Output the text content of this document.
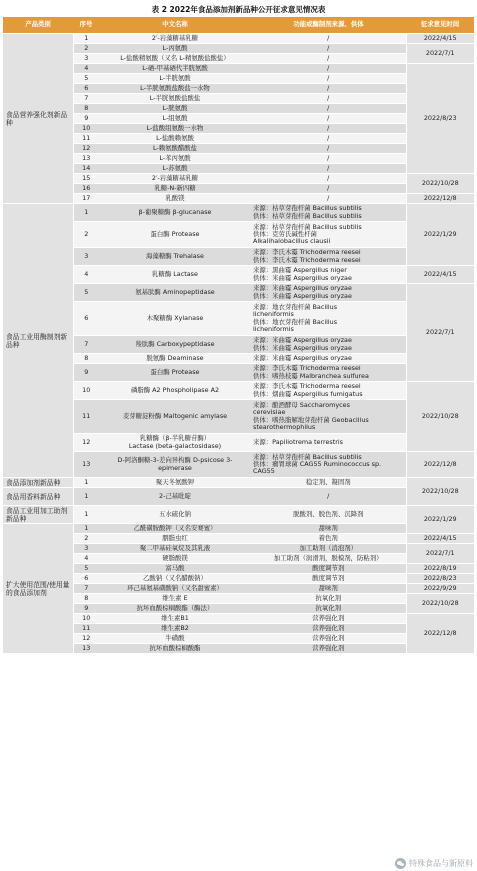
表 2 2022年食品添加剂新品种公开征求意见情况表
产品类别	序号	中文名称	功能或酶制剂来源、供体	征求意见时间
食品营养强化剂新品种	1	2′-岩藻糖基乳糖	/	2022/4/15
	2	L-丙氨酸	/	2022/7/1
	3	L-盐酸精氨酸（又名 L-精氨酸盐酸盐）	/	
	4	L-硒-甲基硒代半胱氨酸	/	2022/8/23
	5	L-半胱氨酸	/	
	6	L-半胱氨酸盐酸盐一水物	/	
	7	L-半胱氨酸盐酸盐	/	
	8	L-胱氨酸	/	
	9	L-组氨酸	/	
	10	L-盐酸组氨酸一水物	/	
	11	L-盐酸赖氨酸	/	
	12	L-赖氨酸醋酸盐	/	
	13	L-苯丙氨酸	/	
	14	L-苏氨酸	/	
	15	2′-岩藻糖基乳糖	/	2022/10/28
	16	乳糖-N-新四糖	/	
	17	乳酸镁	/	2022/12/8
食品工业用酶制剂新品种	1	β-葡聚糖酶 β-glucanase	来源：枯草芽孢杆菌 Bacillus subtilis
供体：枯草芽孢杆菌 Bacillus subtilis	2022/1/29
	2	蛋白酶 Protease	来源：枯草芽孢杆菌 Bacillus subtilis
供体：克劳氏碱性杆菌
Alkalihalobacillus clausii	
	3	海藻糖酶 Trehalase	来源：李氏木霉 Trichoderma reesei
供体：李氏木霉 Trichoderma reesei	
	4	乳糖酶 Lactase	来源：黑曲霉 Aspergillus niger
供体：米曲霉 Aspergillus oryzae	2022/4/15
	5	氨基肽酶 Aminopeptidase	来源：米曲霉 Aspergillus oryzae
供体：米曲霉 Aspergillus oryzae	2022/7/1
	6	木聚糖酶 Xylanase	来源：地衣芽孢杆菌 Bacillus
licheniformis
供体：地衣芽孢杆菌 Bacillus
licheniformis	
	7	羧肽酶 Carboxypeptidase	来源：米曲霉 Aspergillus oryzae
供体：米曲霉 Aspergillus oryzae	
	8	脱氨酶 Deaminase	来源：米曲霉 Aspergillus oryzae	
	9	蛋白酶 Protease	来源：李氏木霉 Trichoderma reesei
供体：嗜热枝霉 Malbranchea sulfurea	
	10	磷脂酶 A2 Phospholipase A2	来源：李氏木霉 Trichoderma reesei
供体：烟曲霉 Aspergillus fumigatus	2022/10/28
	11	麦芽糖淀粉酶 Maltogenic amylase	来源：酿酒酵母 Saccharomyces
cerevisiae
供体：嗜热脂解地芽孢杆菌 Geobacillus
stearothermophilus	
	12	乳糖酶（β-半乳糖苷酶）
Lactase (beta-galactosidase)	来源：Papiliotrema terrestris	
	13	D-阿洛酮糖-3-差向异构酶 D-psicose 3-
epimerase	来源：枯草芽孢杆菌 Bacillus subtilis
供体：瘤胃球菌 CAG55 Ruminococcus sp.
CAG55	2022/12/8
食品添加剂新品种	1	聚天冬氨酸钾	稳定剂、凝固剂	2022/10/28
食品用香料新品种	1	2-己基吡啶	/	
食品工业用加工助剂新品种	1	五水硫化钠	脱酸剂、脱色剂、沉降剂	2022/1/29
扩大使用范围/使用量的食品添加剂	1	乙酰磺胺酸钾（又名安赛蜜）	甜味剂	
	2	胭脂虫红	着色剂	2022/4/15
	3	聚二甲基硅氧烷及其乳液	加工助剂（消泡剂）	2022/7/1
	4	硬脂酸镁	加工助剂（润滑剂，脱模剂，防粘剂）	
	5	富马酸	酸度调节剂	2022/8/19
	6	乙酸钠（又名醋酸钠）	酸度调节剂	2022/8/23
	7	环己基氨基磺酸钠（又名甜蜜素）	甜味剂	2022/9/29
	8	维生素 E	抗氧化剂	2022/10/28
	9	抗坏血酸棕榈酸酯（酶法）	抗氧化剂	
	10	维生素B1	营养强化剂	2022/12/8
	11	维生素B2	营养强化剂	
	12	牛磺酸	营养强化剂	
	13	抗坏血酸棕榈酸酯	营养强化剂	
特殊食品与新原料
